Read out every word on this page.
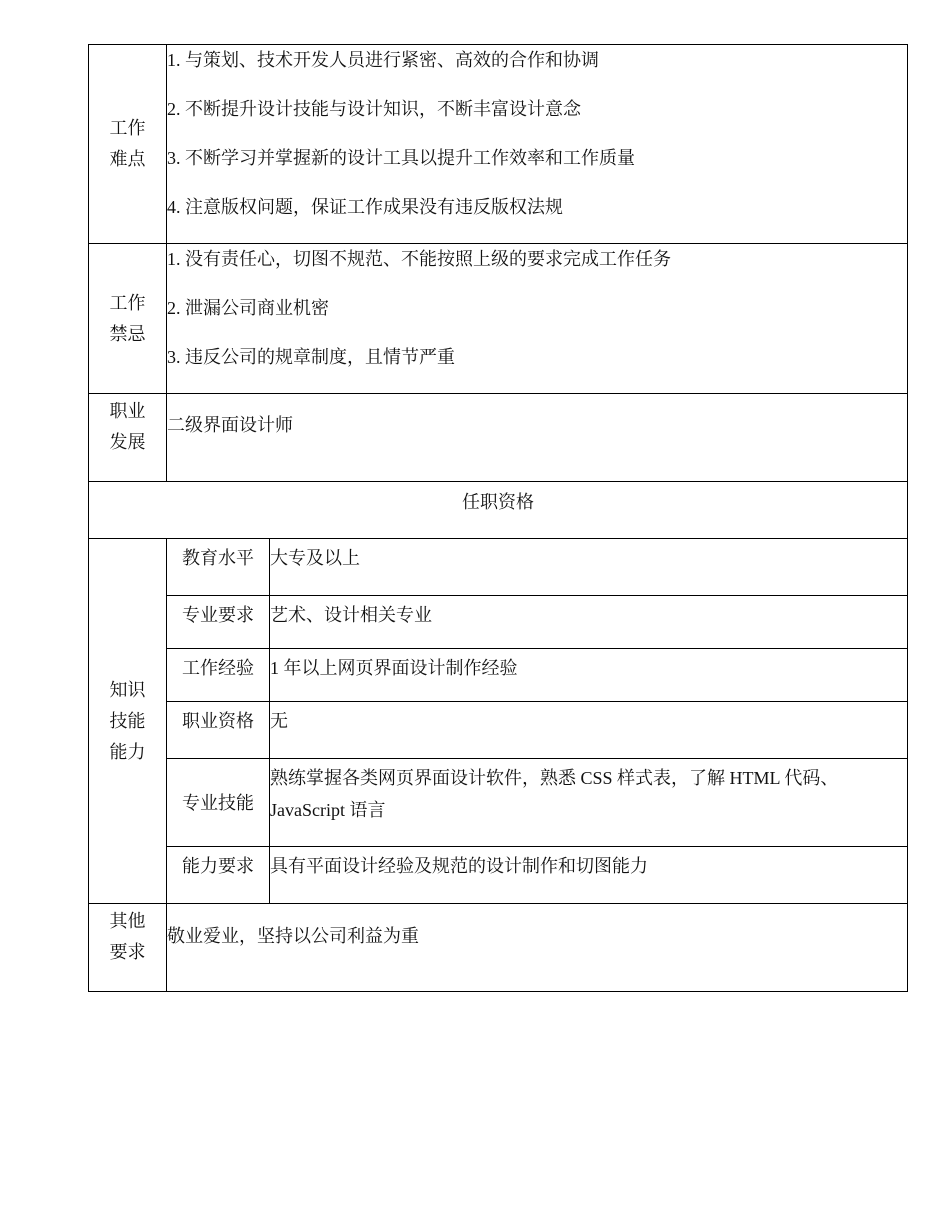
工作
难点	1. 与策划、技术开发人员进行紧密、高效的合作和协调
2. 不断提升设计技能与设计知识，不断丰富设计意念
3. 不断学习并掌握新的设计工具以提升工作效率和工作质量
4. 注意版权问题，保证工作成果没有违反版权法规	

工作
禁忌	1. 没有责任心，切图不规范、不能按照上级的要求完成工作任务
2. 泄漏公司商业机密
3. 违反公司的规章制度，且情节严重	

职业
发展	二级界面设计师	

任职资格		

知识
技能
能力	教育水平	大专及以上
	专业要求	艺术、设计相关专业
	工作经验	1 年以上网页界面设计制作经验
	职业资格	无
	专业技能	熟练掌握各类网页界面设计软件，熟悉 CSS 样式表，了解 HTML 代码、
JavaScript 语言

	能力要求	具有平面设计经验及规范的设计制作和切图能力

其他
要求	敬业爱业，坚持以公司利益为重	
